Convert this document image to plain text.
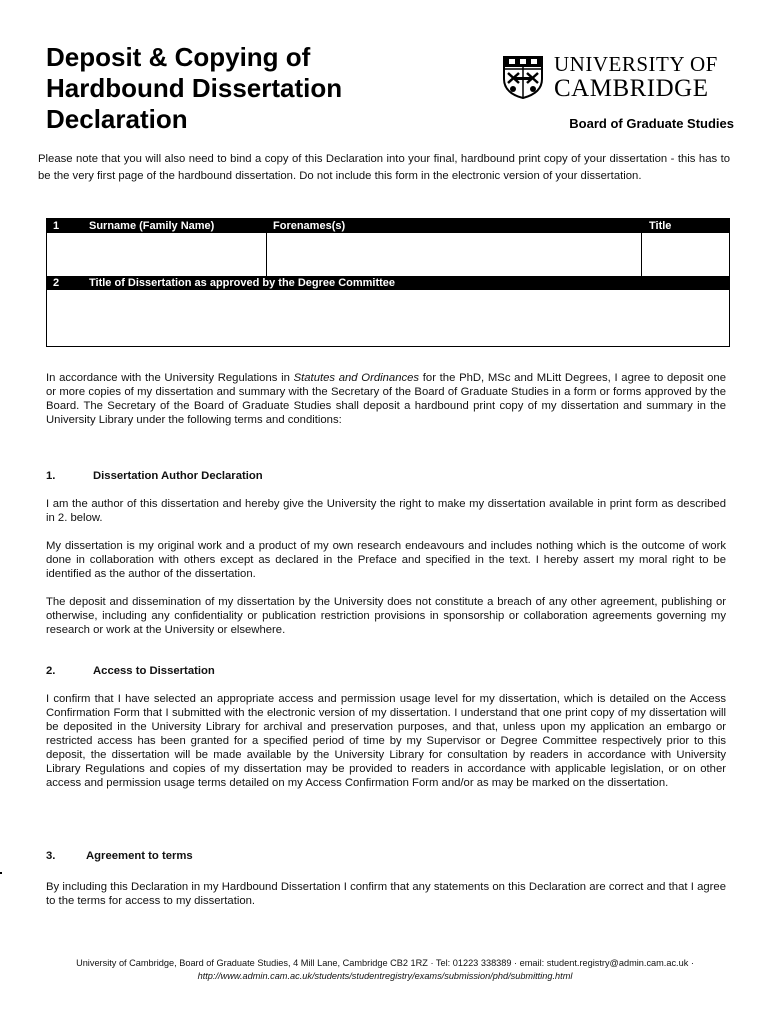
Deposit & Copying of
Hardbound Dissertation
Declaration
UNIVERSITY OF
CAMBRIDGE
Board of Graduate Studies

Please note that you will also need to bind a copy of this Declaration into your final, hardbound print copy of your dissertation - this has to be the very first page of the hardbound dissertation. Do not include this form in the electronic version of your dissertation.

1	Surname (Family Name)	Forenames(s)	Title
2	Title of Dissertation as approved by the Degree Committee

In accordance with the University Regulations in Statutes and Ordinances for the PhD, MSc and MLitt Degrees, I agree to deposit one or more copies of my dissertation and summary with the Secretary of the Board of Graduate Studies in a form or forms approved by the Board. The Secretary of the Board of Graduate Studies shall deposit a hardbound print copy of my dissertation and summary in the University Library under the following terms and conditions:

1.	Dissertation Author Declaration

I am the author of this dissertation and hereby give the University the right to make my dissertation available in print form as described in 2. below.

My dissertation is my original work and a product of my own research endeavours and includes nothing which is the outcome of work done in collaboration with others except as declared in the Preface and specified in the text. I hereby assert my moral right to be identified as the author of the dissertation.

The deposit and dissemination of my dissertation by the University does not constitute a breach of any other agreement, publishing or otherwise, including any confidentiality or publication restriction provisions in sponsorship or collaboration agreements governing my research or work at the University or elsewhere.

2.	Access to Dissertation

I confirm that I have selected an appropriate access and permission usage level for my dissertation, which is detailed on the Access Confirmation Form that I submitted with the electronic version of my dissertation. I understand that one print copy of my dissertation will be deposited in the University Library for archival and preservation purposes, and that, unless upon my application an embargo or restricted access has been granted for a specified period of time by my Supervisor or Degree Committee respectively prior to this deposit, the dissertation will be made available by the University Library for consultation by readers in accordance with University Library Regulations and copies of my dissertation may be provided to readers in accordance with applicable legislation, or on other access and permission usage terms detailed on my Access Confirmation Form and/or as may be marked on the dissertation.

3.	Agreement to terms

By including this Declaration in my Hardbound Dissertation I confirm that any statements on this Declaration are correct and that I agree to the terms for access to my dissertation.

University of Cambridge, Board of Graduate Studies, 4 Mill Lane, Cambridge CB2 1RZ · Tel: 01223 338389 · email: student.registry@admin.cam.ac.uk ·
http://www.admin.cam.ac.uk/students/studentregistry/exams/submission/phd/submitting.html
